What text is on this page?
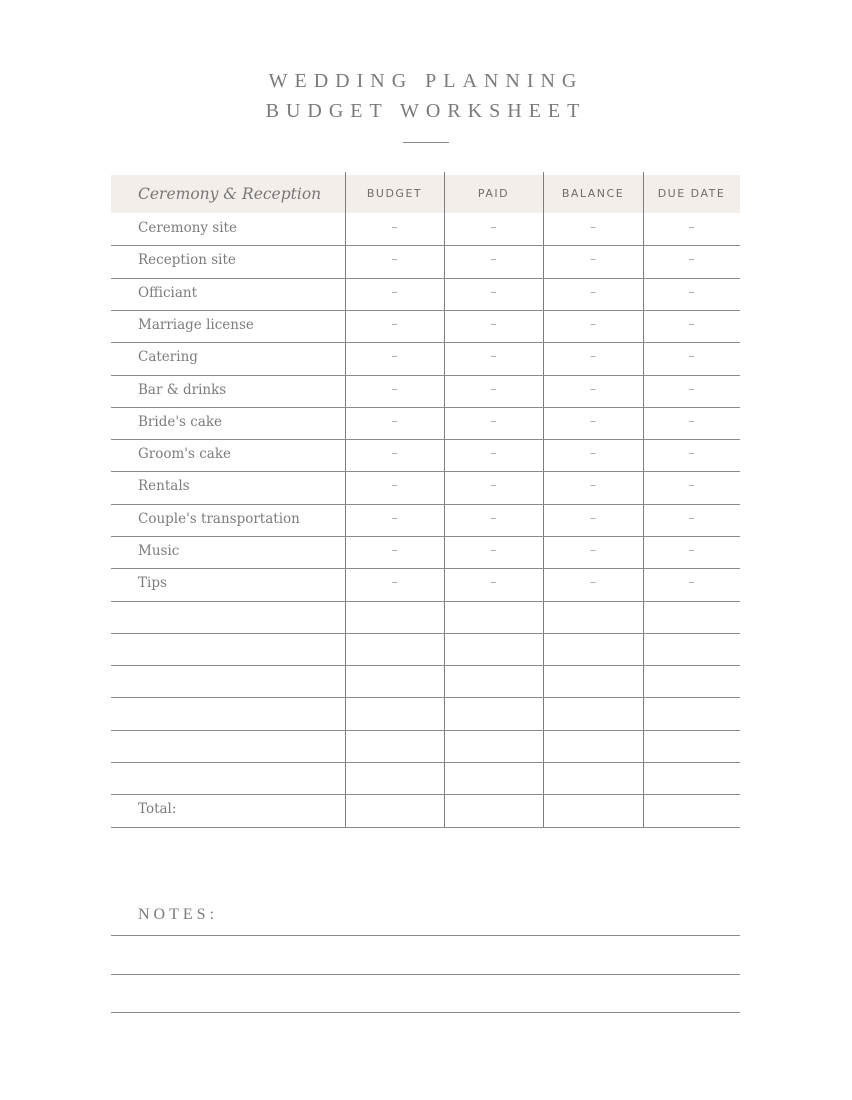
WEDDING PLANNING
BUDGET WORKSHEET
Ceremony & Reception	BUDGET	PAID	BALANCE	DUE DATE
Ceremony site	–	–	–	–
Reception site	–	–	–	–
Officiant	–	–	–	–
Marriage license	–	–	–	–
Catering	–	–	–	–
Bar & drinks	–	–	–	–
Bride's cake	–	–	–	–
Groom's cake	–	–	–	–
Rentals	–	–	–	–
Couple's transportation	–	–	–	–
Music	–	–	–	–
Tips	–	–	–	–
Total:
NOTES:
